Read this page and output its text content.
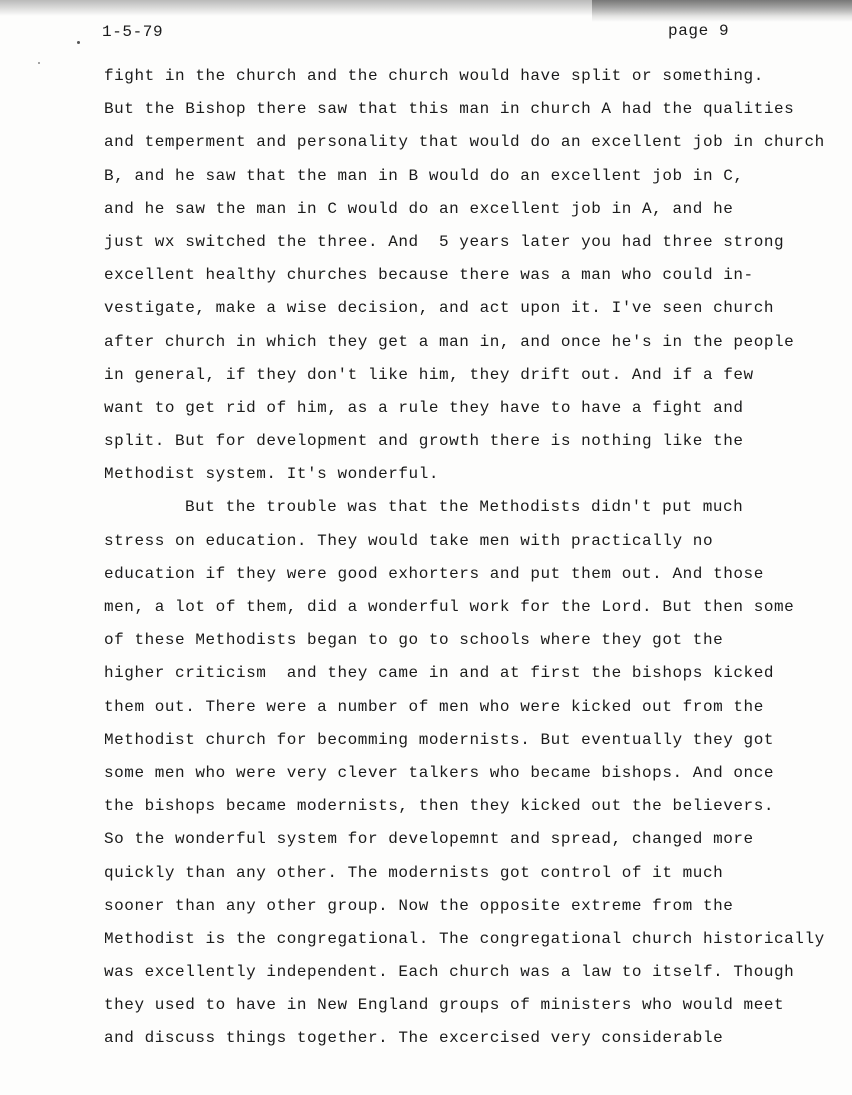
1-5-79	page 9
fight in the church and the church would have split or something.
But the Bishop there saw that this man in church A had the qualities
and temperment and personality that would do an excellent job in church
B, and he saw that the man in B would do an excellent job in C,
and he saw the man in C would do an excellent job in A, and he
just wx switched the three. And  5 years later you had three strong
excellent healthy churches because there was a man who could in-
vestigate, make a wise decision, and act upon it. I've seen church
after church in which they get a man in, and once he's in the people
in general, if they don't like him, they drift out. And if a few
want to get rid of him, as a rule they have to have a fight and
split. But for development and growth there is nothing like the
Methodist system. It's wonderful.
But the trouble was that the Methodists didn't put much
stress on education. They would take men with practically no
education if they were good exhorters and put them out. And those
men, a lot of them, did a wonderful work for the Lord. But then some
of these Methodists began to go to schools where they got the
higher criticism  and they came in and at first the bishops kicked
them out. There were a number of men who were kicked out from the
Methodist church for becomming modernists. But eventually they got
some men who were very clever talkers who became bishops. And once
the bishops became modernists, then they kicked out the believers.
So the wonderful system for developemnt and spread, changed more
quickly than any other. The modernists got control of it much
sooner than any other group. Now the opposite extreme from the
Methodist is the congregational. The congregational church historically
was excellently independent. Each church was a law to itself. Though
they used to have in New England groups of ministers who would meet
and discuss things together. The excercised very considerable
